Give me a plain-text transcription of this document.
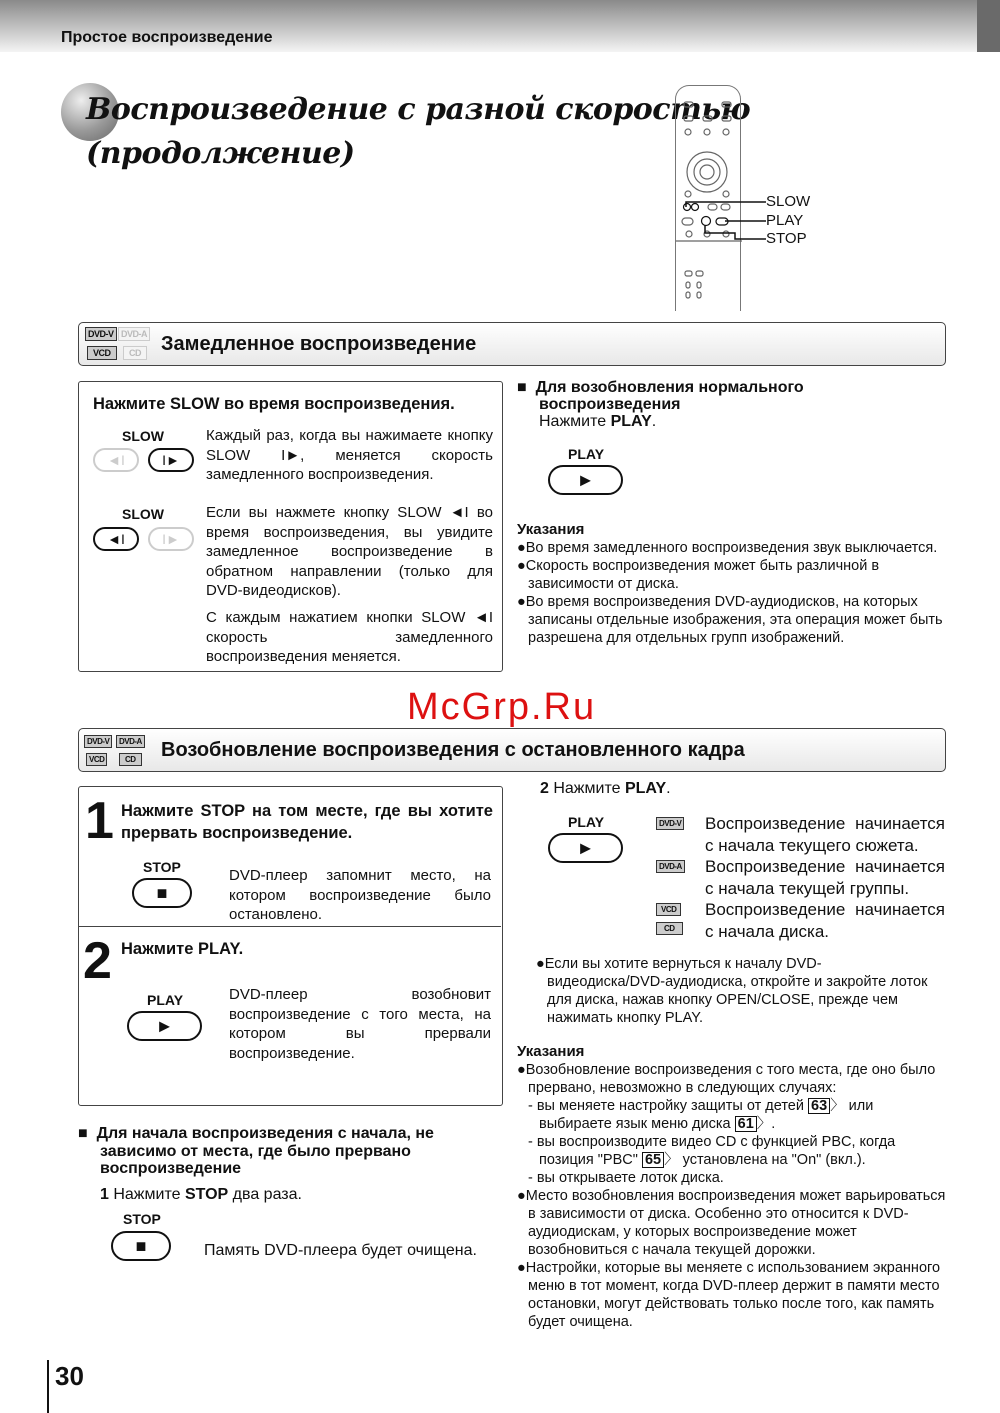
Простое воспроизведение
Воспроизведение с разной скоростью
(продолжение)
SLOW
PLAY
STOP
DVD-V DVD-A
VCD	CD	Замедленное воспроизведение
Нажмите SLOW во время воспроизведения.
SLOW
◄I	I►
Каждый раз, когда вы нажимаете кнопку SLOW I►, меняется скорость замедленного воспроизведения.
SLOW
◄I	I►
Если вы нажмете кнопку SLOW ◄I во время воспроизведения, вы увидите замедленное воспроизведение в обратном направлении (только для DVD-видеодисков).
С каждым нажатием кнопки SLOW ◄I скорость замедленного воспроизведения меняется.
■  Для возобновления нормального воспроизведения
Нажмите PLAY.
PLAY
►
Указания
●Во время замедленного воспроизведения звук выключается.
●Скорость воспроизведения может быть различной в зависимости от диска.
●Во время воспроизведения DVD-аудиодисков, на которых записаны отдельные изображения, эта операция может быть разрешена для отдельных групп изображений.
McGrp.Ru
DVD-V	DVD-A
VCD	CD	Возобновление воспроизведения с остановленного кадра
1 Нажмите STOP на том месте, где вы хотите прервать воспроизведение.
STOP
■
DVD-плеер запомнит место, на котором воспроизведение было остановлено.
2 Нажмите PLAY.
PLAY
►
DVD-плеер возобновит воспроизведение с того места, на котором вы прервали воспроизведение.
■  Для начала воспроизведения с начала, не зависимо от места, где было прервано воспроизведение
1 Нажмите STOP два раза.
STOP
■	Память DVD-плеера будет очищена.
2 Нажмите PLAY.
PLAY
►
DVD-V
DVD-A
VCD
CD
Воспроизведение начинается с начала текущего сюжета.
Воспроизведение начинается с начала текущей группы.
Воспроизведение начинается с начала диска.
●Если вы хотите вернуться к началу DVD-видеодиска/DVD-аудиодиска, откройте и закройте лоток для диска, нажав кнопку OPEN/CLOSE, прежде чем нажимать кнопку PLAY.
Указания
●Возобновление воспроизведения с того места, где оно было прервано, невозможно в следующих случаях:
- вы меняете настройку защиты от детей 63 〉 или выбираете язык меню диска 61 〉.
- вы воспроизводите видео CD с функцией PBC, когда позиция "PBC" 65 〉 установлена на "On" (вкл.).
- вы открываете лоток диска.
●Место возобновления воспроизведения может варьироваться в зависимости от диска. Особенно это относится к DVD-аудиодискам, у которых воспроизведение может возобновиться с начала текущей дорожки.
●Настройки, которые вы меняете с использованием экранного меню в тот момент, когда DVD-плеер держит в памяти место остановки, могут действовать только после того, как память будет очищена.
30
